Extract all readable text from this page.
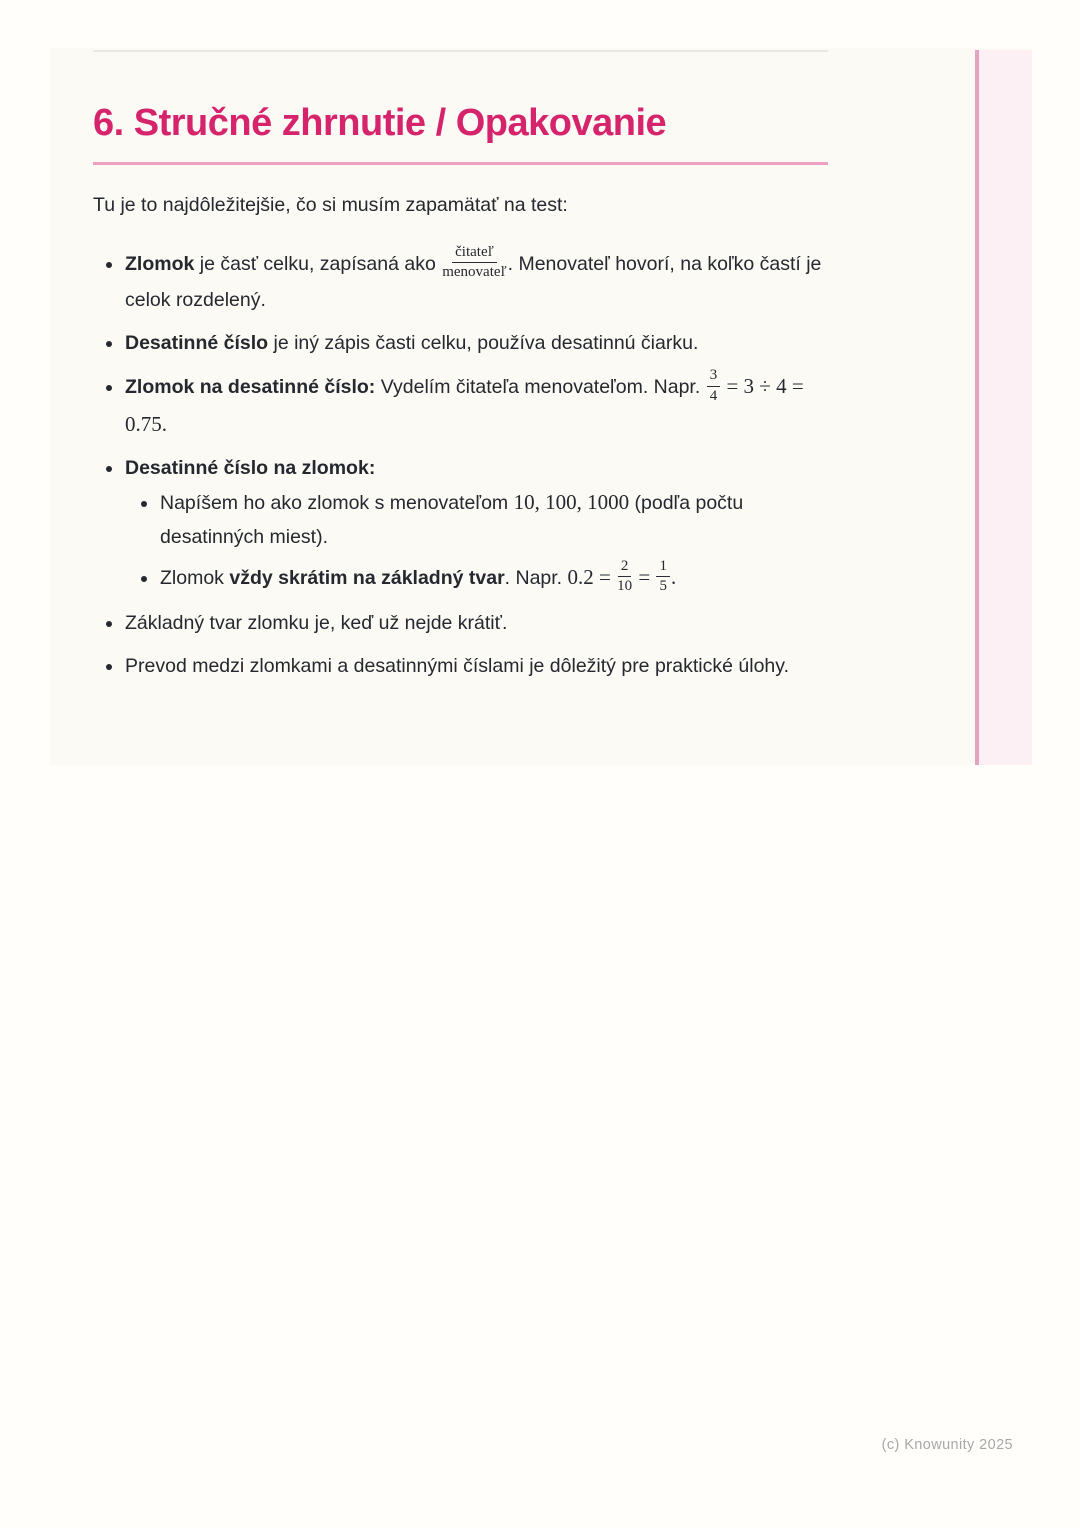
6. Stručné zhrnutie / Opakovanie
Tu je to najdôležitejšie, čo si musím zapamätať na test:
• Zlomok je časť celku, zapísaná ako $\frac{\text{čitateľ}}{\text{menovateľ}}$ . Menovateľ hovorí, na koľko častí je celok rozdelený.
• Desatinné číslo je iný zápis časti celku, používa desatinnú čiarku.
• Zlomok na desatinné číslo: Vydelím čitateľa menovateľom. Napr. $\frac{3}{4} = 3 \div 4 = 0.75$.
• Desatinné číslo na zlomok:
• Napíšem ho ako zlomok s menovateľom 10, 100, 1000 (podľa počtu desatinných miest).
• Zlomok vždy skrátim na základný tvar. Napr. $0.2 = \frac{2}{10} = \frac{1}{5}$ .
• Základný tvar zlomku je, keď už nejde krátiť.
• Prevod medzi zlomkami a desatinnými číslami je dôležitý pre praktické úlohy.
(c) Knowunity 2025
